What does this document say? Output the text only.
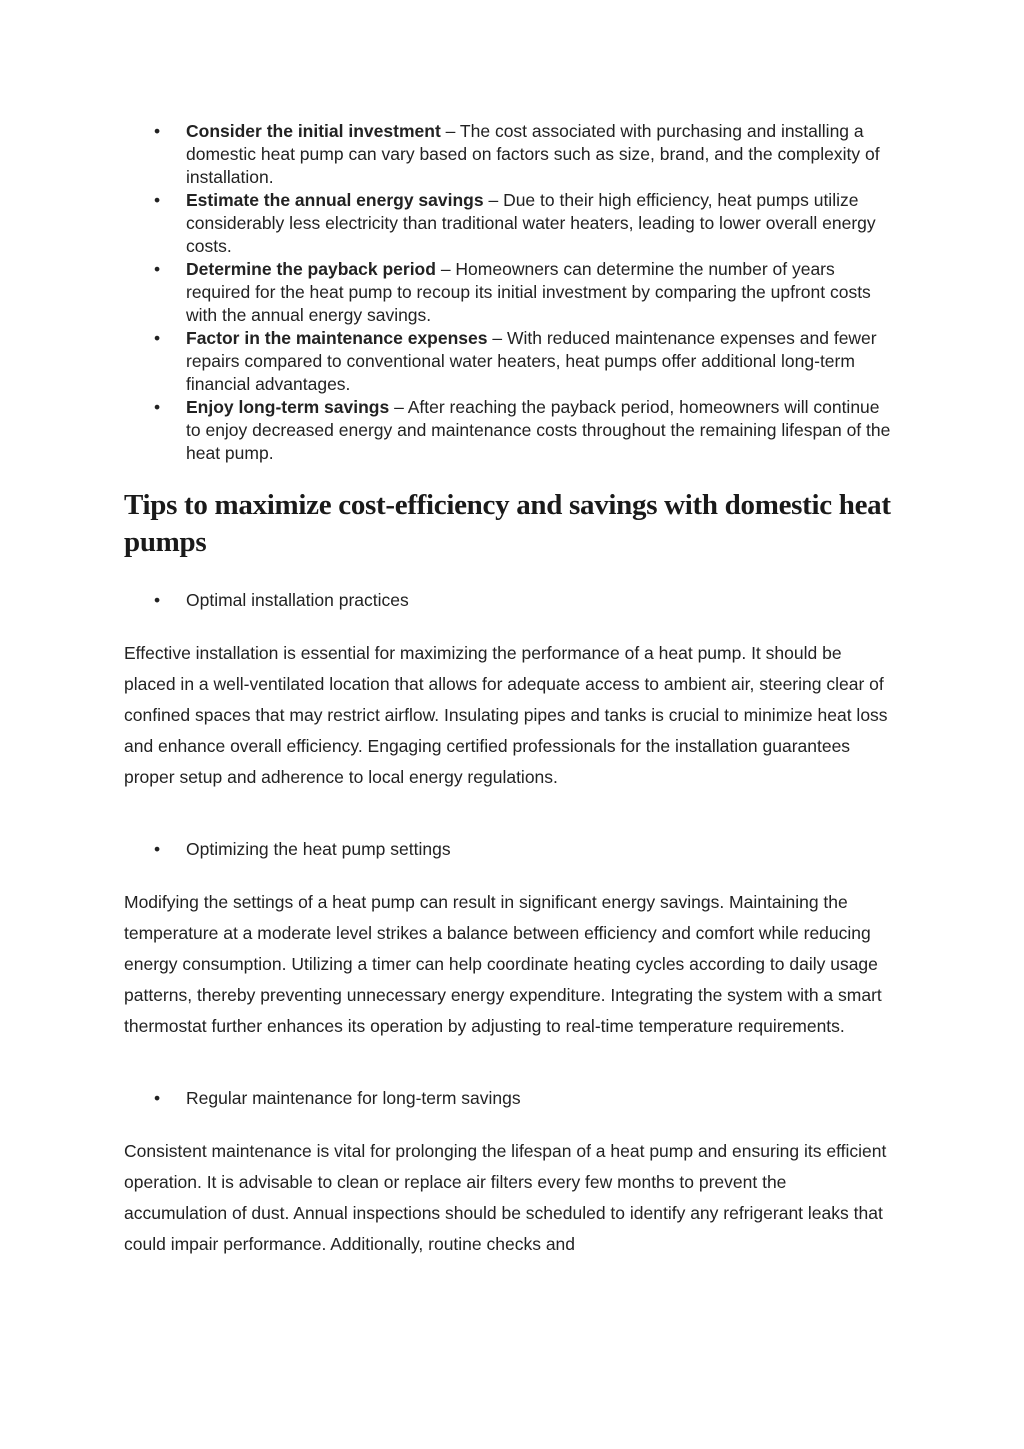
• Consider the initial investment – The cost associated with purchasing and installing a domestic heat pump can vary based on factors such as size, brand, and the complexity of installation.
• Estimate the annual energy savings – Due to their high efficiency, heat pumps utilize considerably less electricity than traditional water heaters, leading to lower overall energy costs.
• Determine the payback period – Homeowners can determine the number of years required for the heat pump to recoup its initial investment by comparing the upfront costs with the annual energy savings.
• Factor in the maintenance expenses – With reduced maintenance expenses and fewer repairs compared to conventional water heaters, heat pumps offer additional long-term financial advantages.
• Enjoy long-term savings – After reaching the payback period, homeowners will continue to enjoy decreased energy and maintenance costs throughout the remaining lifespan of the heat pump.
Tips to maximize cost-efficiency and savings with domestic heat pumps
• Optimal installation practices

Effective installation is essential for maximizing the performance of a heat pump. It should be placed in a well-ventilated location that allows for adequate access to ambient air, steering clear of confined spaces that may restrict airflow. Insulating pipes and tanks is crucial to minimize heat loss and enhance overall efficiency. Engaging certified professionals for the installation guarantees proper setup and adherence to local energy regulations.

• Optimizing the heat pump settings

Modifying the settings of a heat pump can result in significant energy savings. Maintaining the temperature at a moderate level strikes a balance between efficiency and comfort while reducing energy consumption. Utilizing a timer can help coordinate heating cycles according to daily usage patterns, thereby preventing unnecessary energy expenditure. Integrating the system with a smart thermostat further enhances its operation by adjusting to real-time temperature requirements.

• Regular maintenance for long-term savings

Consistent maintenance is vital for prolonging the lifespan of a heat pump and ensuring its efficient operation. It is advisable to clean or replace air filters every few months to prevent the accumulation of dust. Annual inspections should be scheduled to identify any refrigerant leaks that could impair performance. Additionally, routine checks and
